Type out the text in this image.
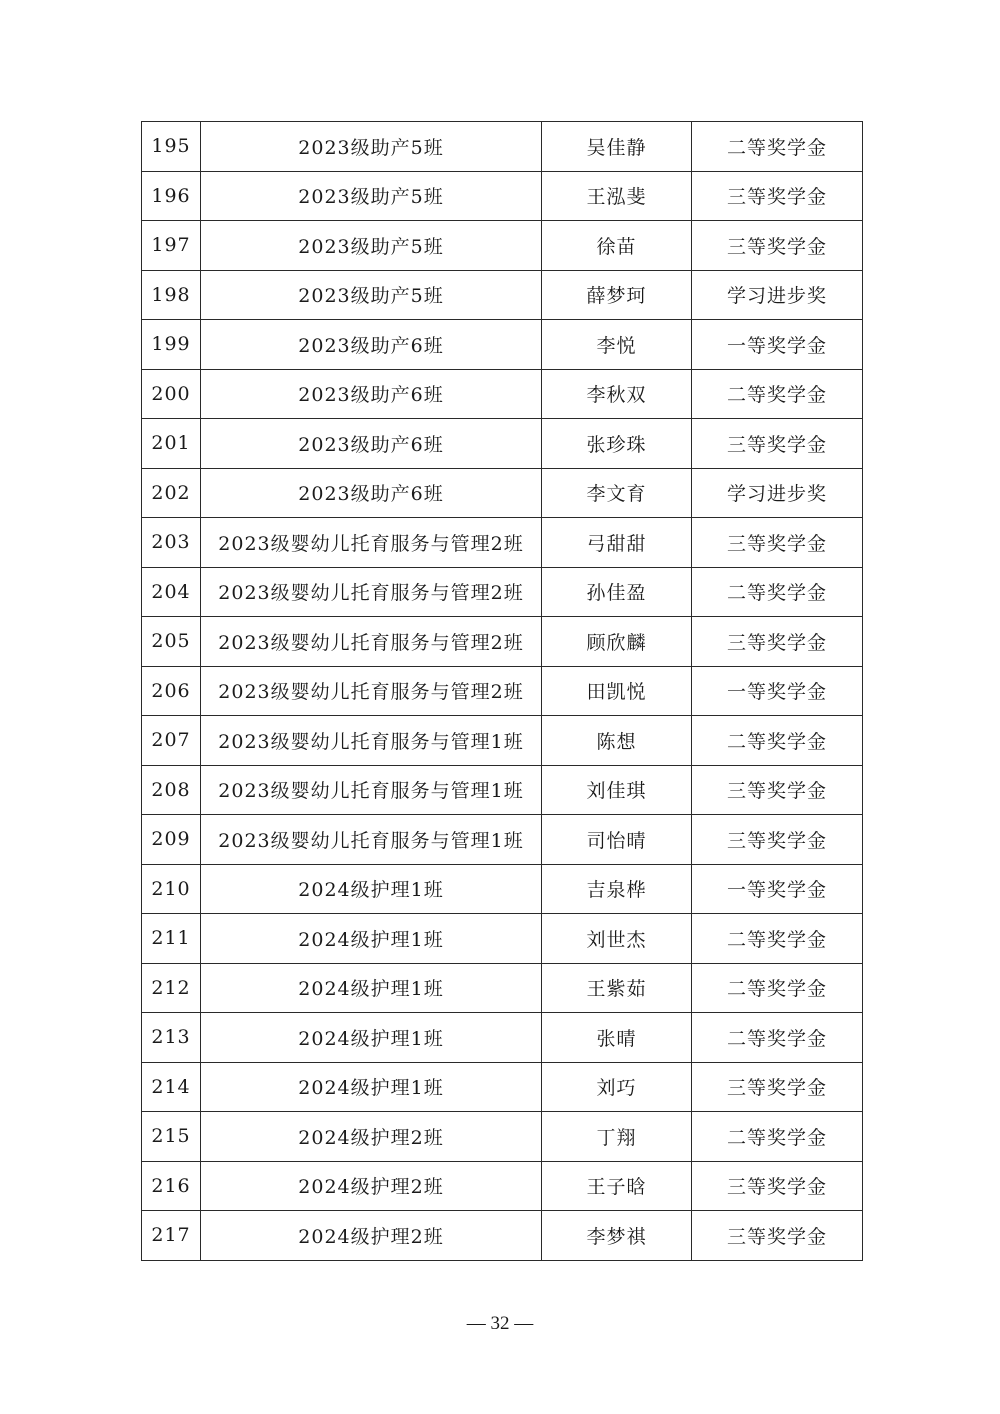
195	2023级助产5班	吴佳静	二等奖学金
196	2023级助产5班	王泓斐	三等奖学金
197	2023级助产5班	徐苗	三等奖学金
198	2023级助产5班	薛梦珂	学习进步奖
199	2023级助产6班	李悦	一等奖学金
200	2023级助产6班	李秋双	二等奖学金
201	2023级助产6班	张珍珠	三等奖学金
202	2023级助产6班	李文育	学习进步奖
203	2023级婴幼儿托育服务与管理2班	弓甜甜	三等奖学金
204	2023级婴幼儿托育服务与管理2班	孙佳盈	二等奖学金
205	2023级婴幼儿托育服务与管理2班	顾欣麟	三等奖学金
206	2023级婴幼儿托育服务与管理2班	田凯悦	一等奖学金
207	2023级婴幼儿托育服务与管理1班	陈想	二等奖学金
208	2023级婴幼儿托育服务与管理1班	刘佳琪	三等奖学金
209	2023级婴幼儿托育服务与管理1班	司怡晴	三等奖学金
210	2024级护理1班	吉泉桦	一等奖学金
211	2024级护理1班	刘世杰	二等奖学金
212	2024级护理1班	王紫茹	二等奖学金
213	2024级护理1班	张晴	二等奖学金
214	2024级护理1班	刘巧	三等奖学金
215	2024级护理2班	丁翔	二等奖学金
216	2024级护理2班	王子晗	三等奖学金
217	2024级护理2班	李梦祺	三等奖学金
— 32 —
